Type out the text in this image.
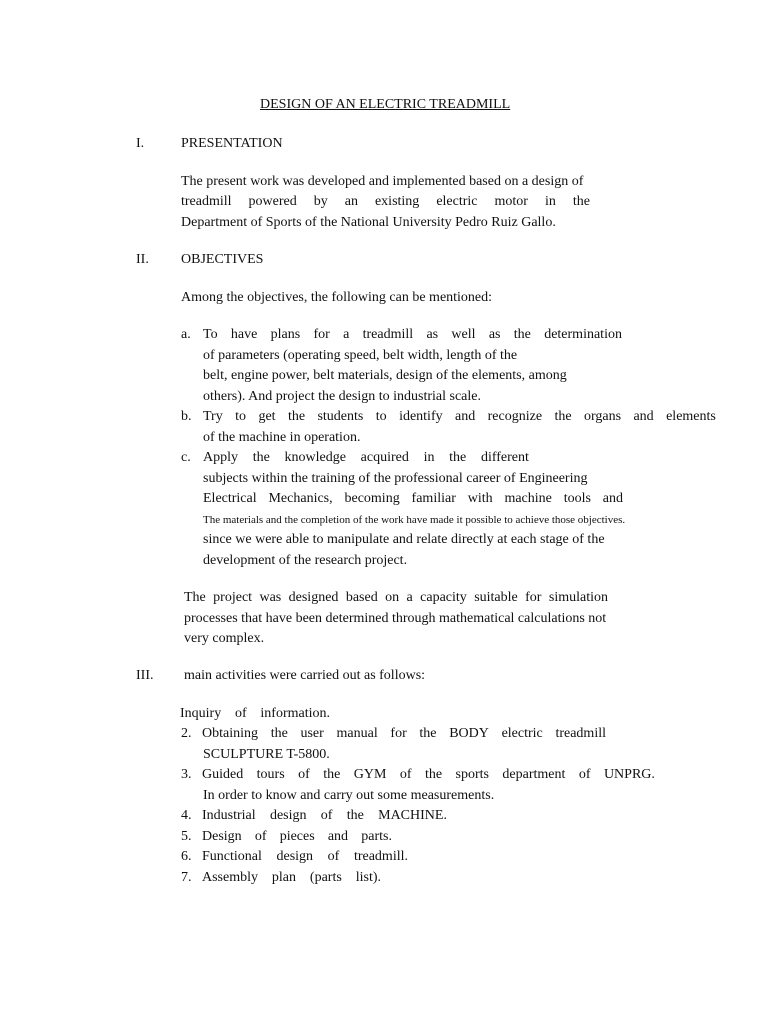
DESIGN OF AN ELECTRIC TREADMILL
I.	PRESENTATION
The present work was developed and implemented based on a design of
treadmill powered by an existing electric motor in the
Department of Sports of the National University Pedro Ruiz Gallo.
II. OBJECTIVES
Among the objectives, the following can be mentioned:
a. To have plans for a treadmill as well as the determination
of parameters (operating speed, belt width, length of the
belt, engine power, belt materials, design of the elements, among
others). And project the design to industrial scale.
b. Try to get the students to identify and recognize the organs and elements
of the machine in operation.
c. Apply the knowledge acquired in the different
subjects within the training of the professional career of Engineering
Electrical Mechanics, becoming familiar with machine tools and
The materials and the completion of the work have made it possible to achieve those objectives.
since we were able to manipulate and relate directly at each stage of the
development of the research project.
The project was designed based on a capacity suitable for simulation
processes that have been determined through mathematical calculations not
very complex.
III. main activities were carried out as follows:
Inquiry of information.
2. Obtaining the user manual for the BODY electric treadmill
SCULPTURE T-5800.
3. Guided tours of the GYM of the sports department of UNPRG.
In order to know and carry out some measurements.
4. Industrial design of the MACHINE.
5. Design of pieces and parts.
6. Functional design of treadmill.
7. Assembly plan (parts list).
